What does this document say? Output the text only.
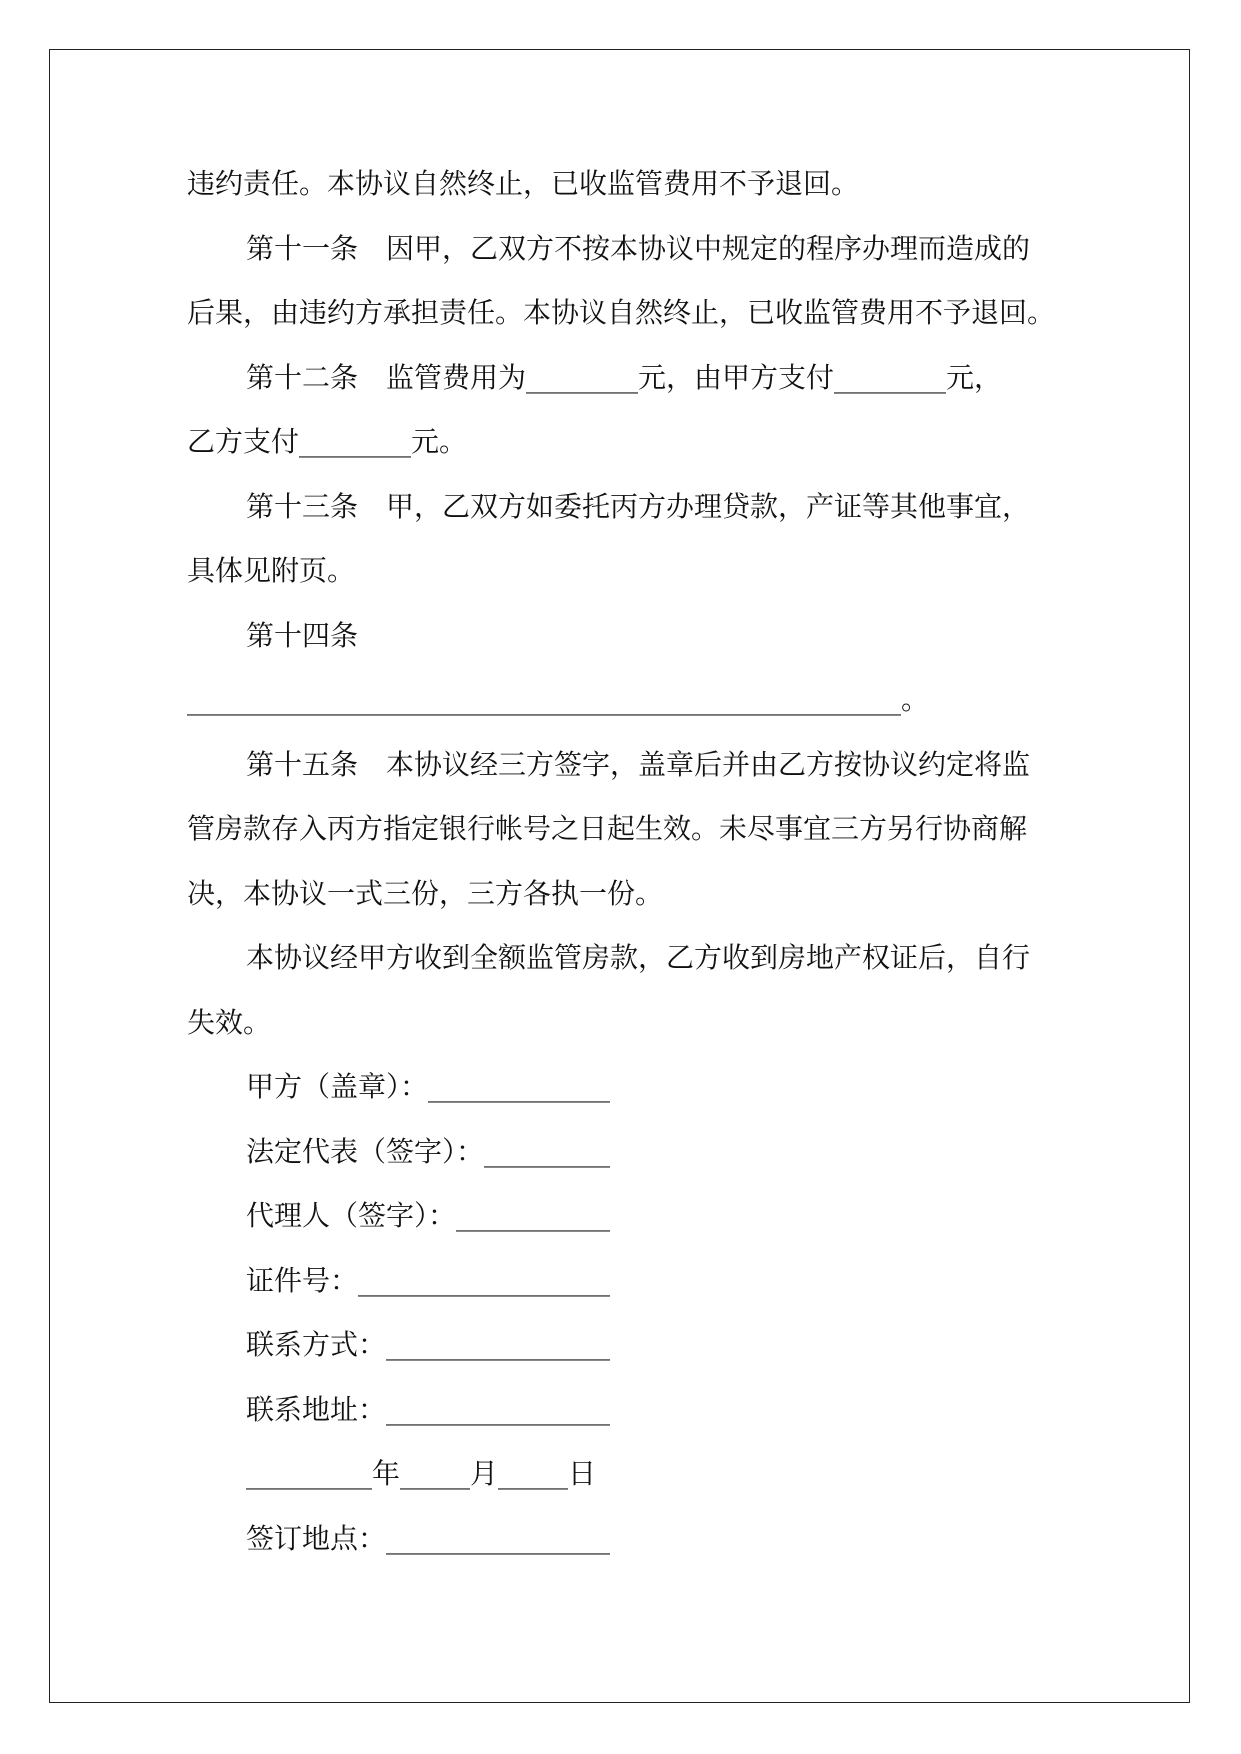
违约责任。本协议自然终止，已收监管费用不予退回。
第十一条　因甲，乙双方不按本协议中规定的程序办理而造成的
后果，由违约方承担责任。本协议自然终止，已收监管费用不予退回。
第十二条　监管费用为________元，由甲方支付________元，
乙方支付________元。
第十三条　甲，乙双方如委托丙方办理贷款，产证等其他事宜，
具体见附页。
第十四条
___________________________________________________。
第十五条　本协议经三方签字，盖章后并由乙方按协议约定将监
管房款存入丙方指定银行帐号之日起生效。未尽事宜三方另行协商解
决，本协议一式三份，三方各执一份。
本协议经甲方收到全额监管房款，乙方收到房地产权证后，自行
失效。
甲方（盖章）：_____________
法定代表（签字）：_________
代理人（签字）：___________
证件号：__________________
联系方式：________________
联系地址：________________
_________年_____月_____日
签订地点：________________
